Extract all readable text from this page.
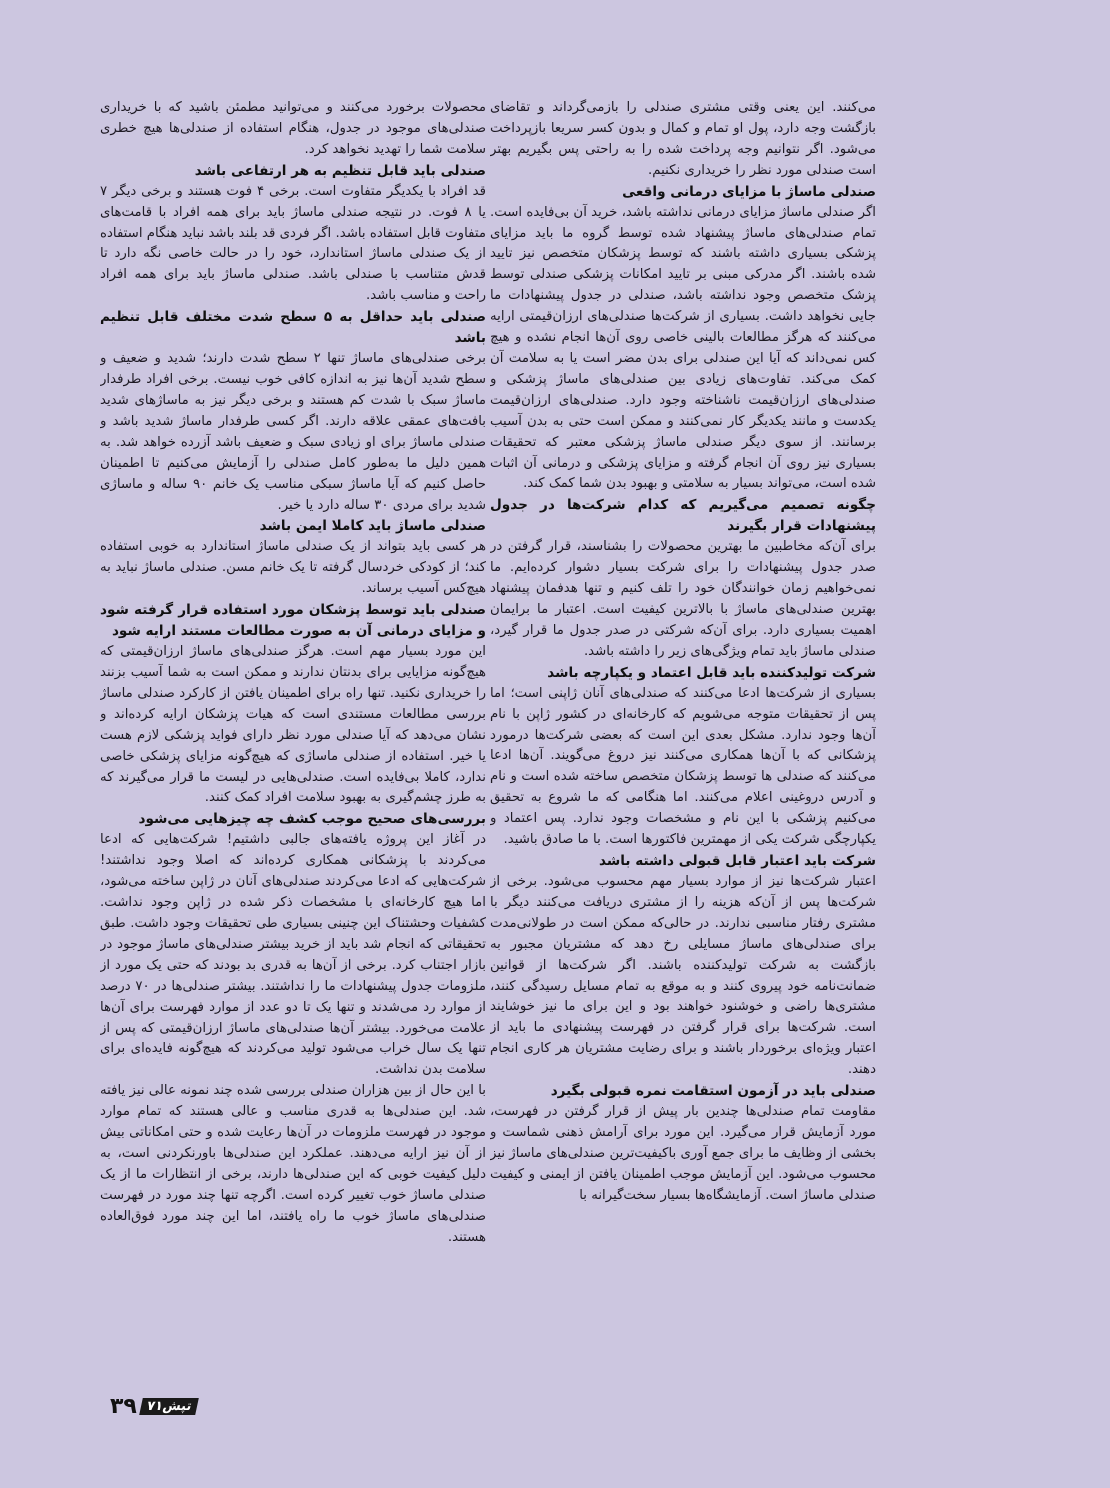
می‌کنند. این یعنی وقتی مشتری صندلی را بازمی‌گرداند و تقاضای بازگشت وجه دارد، پول او تمام و کمال و بدون کسر سریعا بازپرداخت می‌شود. اگر نتوانیم وجه پرداخت شده را به راحتی پس بگیریم بهتر است صندلی مورد نظر را خریداری نکنیم.

صندلی ماساژ با مزایای درمانی واقعی

اگر صندلی ماساژ مزایای درمانی نداشته باشد، خرید آن بی‌فایده است. تمام صندلی‌های ماساژ پیشنهاد شده توسط گروه ما باید مزایای پزشکی بسیاری داشته باشند که توسط پزشکان متخصص نیز تایید شده باشند. اگر مدرکی مبنی بر تایید امکانات پزشکی صندلی توسط پزشک متخصص وجود نداشته باشد، صندلی در جدول پیشنهادات ما جایی نخواهد داشت. بسیاری از شرکت‌ها صندلی‌های ارزان‌قیمتی ارایه می‌کنند که هرگز مطالعات بالینی خاصی روی آن‌ها انجام نشده و هیچ کس نمی‌داند که آیا این صندلی برای بدن مضر است یا به سلامت آن کمک می‌کند. تفاوت‌های زیادی بین صندلی‌های ماساژ پزشکی و صندلی‌های ارزان‌قیمت ناشناخته وجود دارد. صندلی‌های ارزان‌قیمت یکدست و مانند یکدیگر کار نمی‌کنند و ممکن است حتی به بدن آسیب برسانند. از سوی دیگر صندلی ماساژ پزشکی معتبر که تحقیقات بسیاری نیز روی آن انجام گرفته و مزایای پزشکی و درمانی آن اثبات شده است، می‌تواند بسیار به سلامتی و بهبود بدن شما کمک کند.

چگونه تصمیم می‌گیریم که کدام شرکت‌ها در جدول پیشنهادات قرار بگیرند

برای آن‌که مخاطبین ما بهترین محصولات را بشناسند، قرار گرفتن در صدر جدول پیشنهادات را برای شرکت بسیار دشوار کرده‌ایم. ما نمی‌خواهیم زمان خوانندگان خود را تلف کنیم و تنها هدفمان پیشنهاد بهترین صندلی‌های ماساژ با بالاترین کیفیت است. اعتبار ما برایمان اهمیت بسیاری دارد. برای آن‌که شرکتی در صدر جدول ما قرار گیرد، صندلی ماساژ باید تمام ویژگی‌های زیر را داشته باشد.

شرکت تولیدکننده باید قابل اعتماد و یکپارچه باشد

بسیاری از شرکت‌ها ادعا می‌کنند که صندلی‌های آنان ژاپنی است؛ اما پس از تحقیقات متوجه می‌شویم که کارخانه‌ای در کشور ژاپن با نام آن‌ها وجود ندارد. مشکل بعدی این است که بعضی شرکت‌ها درمورد پزشکانی که با آن‌ها همکاری می‌کنند نیز دروغ می‌گویند. آن‌ها ادعا می‌کنند که صندلی ها توسط پزشکان متخصص ساخته شده است و نام و آدرس دروغینی اعلام می‌کنند. اما هنگامی که ما شروع به تحقیق می‌کنیم پزشکی با این نام و مشخصات وجود ندارد. پس اعتماد و یکپارچگی شرکت یکی از مهمترین فاکتورها است. با ما صادق باشید.

شرکت باید اعتبار قابل قبولی داشته باشد

اعتبار شرکت‌ها نیز از موارد بسیار مهم محسوب می‌شود. برخی از شرکت‌ها پس از آن‌که هزینه را از مشتری دریافت می‌کنند دیگر با مشتری رفتار مناسبی ندارند. در حالی‌که ممکن است در طولانی‌مدت برای صندلی‌های ماساژ مسایلی رخ دهد که مشتریان مجبور به بازگشت به شرکت تولیدکننده باشند. اگر شرکت‌ها از قوانین ضمانت‌نامه خود پیروی کنند و به موقع به تمام مسایل رسیدگی کنند، مشتری‌ها راضی و خوشنود خواهند بود و این برای ما نیز خوشایند است. شرکت‌ها برای قرار گرفتن در فهرست پیشنهادی ما باید از اعتبار ویژه‌ای برخوردار باشند و برای رضایت مشتریان هر کاری انجام دهند.

صندلی باید در آزمون استقامت نمره قبولی بگیرد

مقاومت تمام صندلی‌ها چندین بار پیش از قرار گرفتن در فهرست، مورد آزمایش قرار می‌گیرد. این مورد برای آرامش ذهنی شماست و بخشی از وظایف ما برای جمع آوری باکیفیت‌ترین صندلی‌های ماساژ نیز محسوب می‌شود. این آزمایش موجب اطمینان یافتن از ایمنی و کیفیت صندلی ماساژ است. آزمایشگاه‌ها بسیار سخت‌گیرانه با

محصولات برخورد می‌کنند و می‌توانید مطمئن باشید که با خریداری صندلی‌های موجود در جدول، هنگام استفاده از صندلی‌ها هیچ خطری سلامت شما را تهدید نخواهد کرد.

صندلی باید قابل تنظیم به هر ارتفاعی باشد

قد افراد با یکدیگر متفاوت است. برخی ۴ فوت هستند و برخی دیگر ۷ یا ۸ فوت. در نتیجه صندلی ماساژ باید برای همه افراد با قامت‌های متفاوت قابل استفاده باشد. اگر فردی قد بلند باشد نباید هنگام استفاده از یک صندلی ماساژ استاندارد، خود را در حالت خاصی نگه دارد تا قدش متناسب با صندلی باشد. صندلی ماساژ باید برای همه افراد راحت و مناسب باشد.

صندلی باید حداقل به ۵ سطح شدت مختلف قابل تنظیم باشد

برخی صندلی‌های ماساژ تنها ۲ سطح شدت دارند؛ شدید و ضعیف و سطح شدید آن‌ها نیز به اندازه کافی خوب نیست. برخی افراد طرفدار ماساژ سبک با شدت کم هستند و برخی دیگر نیز به ماساژهای شدید بافت‌های عمقی علاقه دارند. اگر کسی طرفدار ماساژ شدید باشد و صندلی ماساژ برای او زیادی سبک و ضعیف باشد آزرده خواهد شد. به همین دلیل ما به‌طور کامل صندلی را آزمایش می‌کنیم تا اطمینان حاصل کنیم که آیا ماساژ سبکی مناسب یک خانم ۹۰ ساله و ماساژی شدید برای مردی ۳۰ ساله دارد یا خیر.

صندلی ماساژ باید کاملا ایمن باشد

هر کسی باید بتواند از یک صندلی ماساژ استاندارد به خوبی استفاده کند؛ از کودکی خردسال گرفته تا یک خانم مسن. صندلی ماساژ نباید به هیچ‌کس آسیب برساند.

صندلی باید توسط پزشکان مورد استفاده قرار گرفته شود و مزایای درمانی آن به صورت مطالعات مستند ارایه شود

این مورد بسیار مهم است. هرگز صندلی‌های ماساژ ارزان‌قیمتی که هیچ‌گونه مزایایی برای بدنتان ندارند و ممکن است به شما آسیب بزنند را خریداری نکنید. تنها راه برای اطمینان یافتن از کارکرد صندلی ماساژ بررسی مطالعات مستندی است که هیات پزشکان ارایه کرده‌اند و نشان می‌دهد که آیا صندلی مورد نظر دارای فواید پزشکی لازم هست یا خیر. استفاده از صندلی ماساژی که هیچ‌گونه مزایای پزشکی خاصی ندارد، کاملا بی‌فایده است. صندلی‌هایی در لیست ما قرار می‌گیرند که به طرز چشم‌گیری به بهبود سلامت افراد کمک کنند.

بررسی‌های صحیح موجب کشف چه چیزهایی می‌شود

در آغاز این پروژه یافته‌های جالبی داشتیم! شرکت‌هایی که ادعا می‌کردند با پزشکانی همکاری کرده‌اند که اصلا وجود نداشتند! شرکت‌هایی که ادعا می‌کردند صندلی‌های آنان در ژاپن ساخته می‌شود، اما هیچ کارخانه‌ای با مشخصات ذکر شده در ژاپن وجود نداشت. کشفیات وحشتناک این چنینی بسیاری طی تحقیقات وجود داشت. طبق تحقیقاتی که انجام شد باید از خرید بیشتر صندلی‌های ماساژ موجود در بازار اجتناب کرد. برخی از آن‌ها به قدری بد بودند که حتی یک مورد از ملزومات جدول پیشنهادات ما را نداشتند. بیشتر صندلی‌ها در ۷۰ درصد از موارد رد می‌شدند و تنها یک تا دو عدد از موارد فهرست برای آن‌ها علامت می‌خورد. بیشتر آن‌ها صندلی‌های ماساژ ارزان‌قیمتی که پس از تنها یک سال خراب می‌شود تولید می‌کردند که هیچ‌گونه فایده‌ای برای سلامت بدن نداشت.

با این حال از بین هزاران صندلی بررسی شده چند نمونه عالی نیز یافته شد. این صندلی‌ها به قدری مناسب و عالی هستند که تمام موارد موجود در فهرست ملزومات در آن‌ها رعایت شده و حتی امکاناتی بیش از آن نیز ارایه می‌دهند. عملکرد این صندلی‌ها باورنکردنی است، به دلیل کیفیت خوبی که این صندلی‌ها دارند، برخی از انتظارات ما از یک صندلی ماساژ خوب تغییر کرده است. اگرچه تنها چند مورد در فهرست صندلی‌های ماساژ خوب ما راه یافتند، اما این چند مورد فوق‌العاده هستند.

۳۹ تپش۷۱
